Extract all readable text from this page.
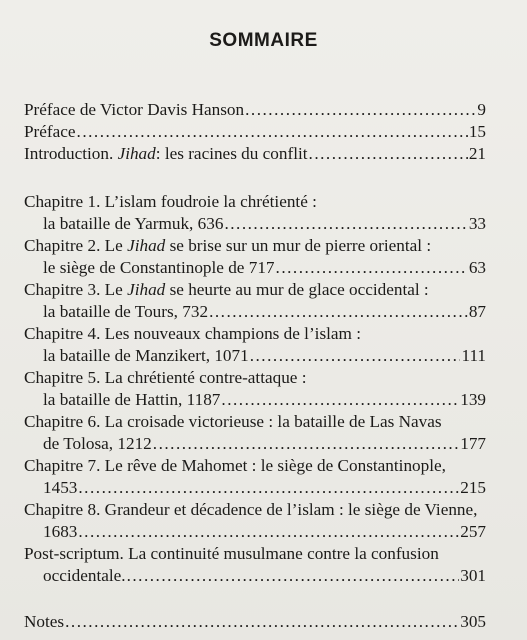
SOMMAIRE
Préface de Victor Davis Hanson .....	9
Préface .....	15
Introduction. Jihad: les racines du conflit .....	21
Chapitre 1. L’islam foudroie la chrétienté :
la bataille de Yarmuk, 636 .....	33
Chapitre 2. Le Jihad se brise sur un mur de pierre oriental :
le siège de Constantinople de 717 .....	63
Chapitre 3. Le Jihad se heurte au mur de glace occidental :
la bataille de Tours, 732 .....	87
Chapitre 4. Les nouveaux champions de l’islam :
la bataille de Manzikert, 1071 .....	111
Chapitre 5. La chrétienté contre-attaque :
la bataille de Hattin, 1187 .....	139
Chapitre 6. La croisade victorieuse : la bataille de Las Navas
de Tolosa, 1212 .....	177
Chapitre 7. Le rêve de Mahomet : le siège de Constantinople,
1453 .....	215
Chapitre 8. Grandeur et décadence de l’islam : le siège de Vienne,
1683 .....	257
Post-scriptum. La continuité musulmane contre la confusion
occidentale. .....	301
Notes .....	305
